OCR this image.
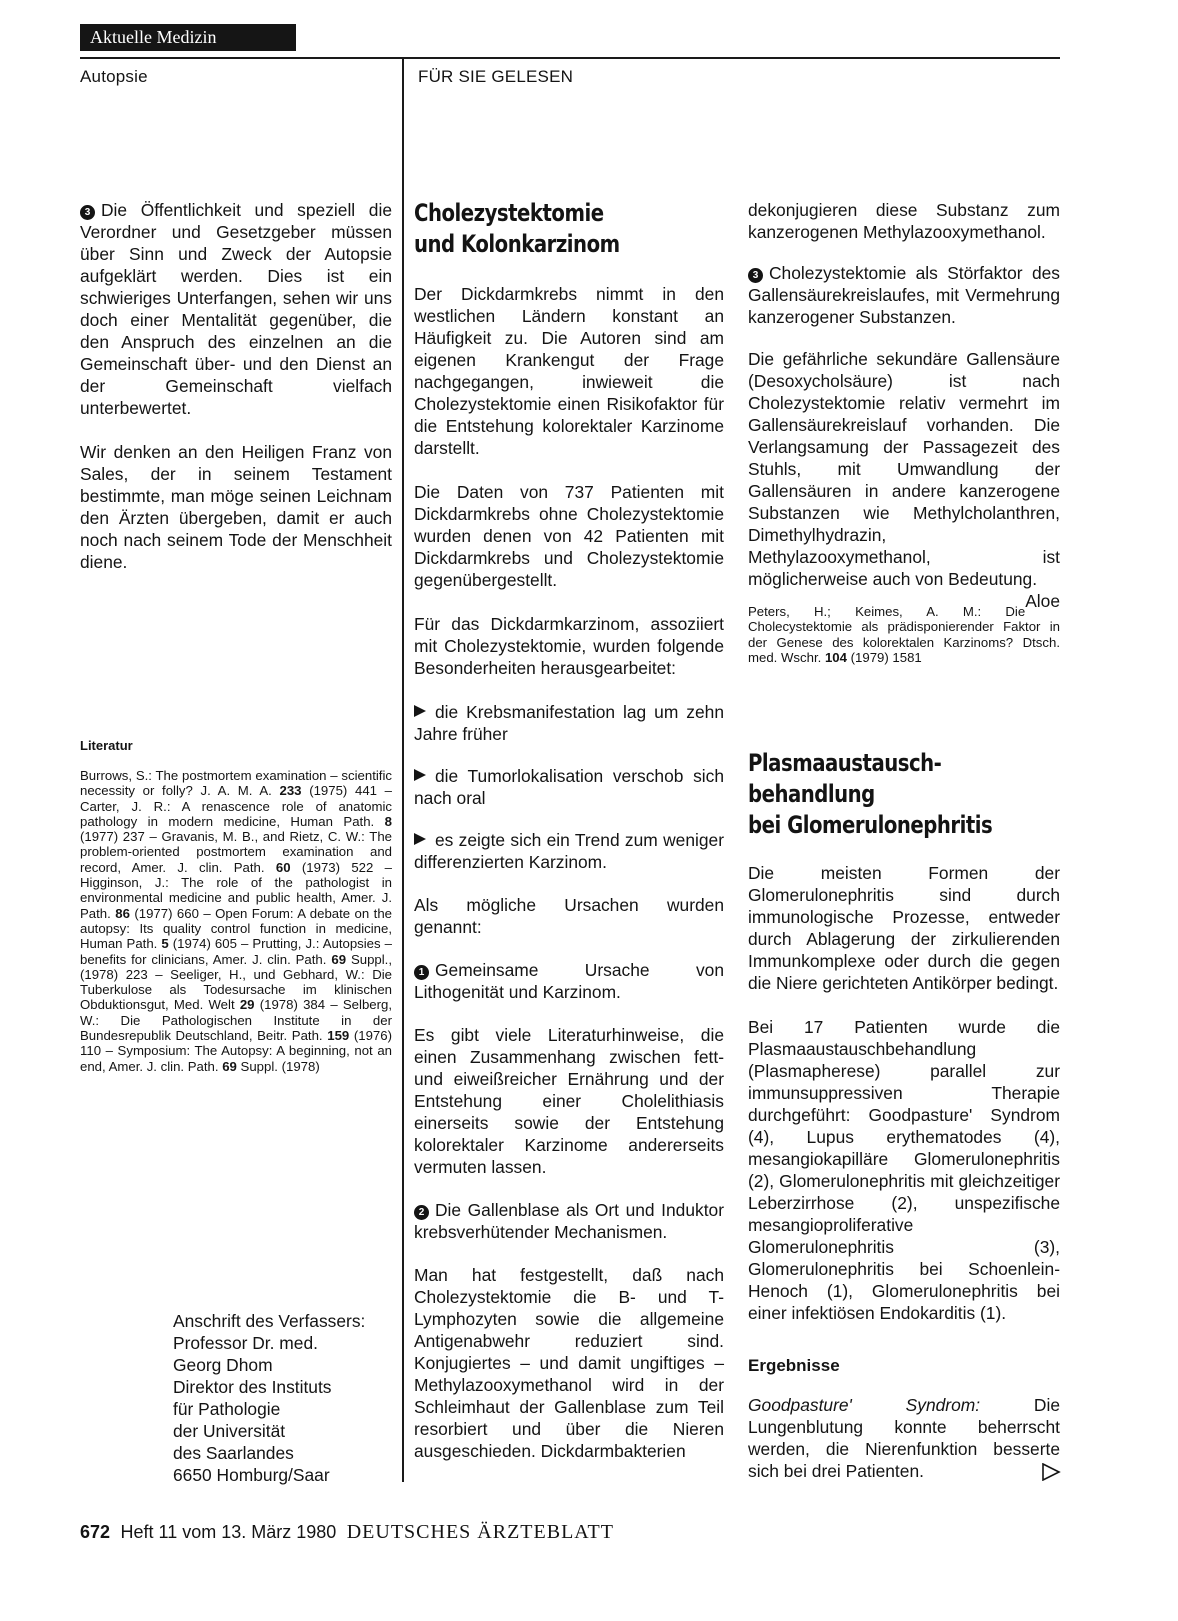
Aktuelle Medizin
Autopsie	FÜR SIE GELESEN

3 Die Öffentlichkeit und speziell die Verordner und Gesetzgeber müssen über Sinn und Zweck der Autopsie aufgeklärt werden. Dies ist ein schwieriges Unterfangen, sehen wir uns doch einer Mentalität gegenüber, die den Anspruch des einzelnen an die Gemeinschaft über- und den Dienst an der Gemeinschaft vielfach unterbewertet.

Wir denken an den Heiligen Franz von Sales, der in seinem Testament bestimmte, man möge seinen Leichnam den Ärzten übergeben, damit er auch noch nach seinem Tode der Menschheit diene.

Literatur

Burrows, S.: The postmortem examination – scientific necessity or folly? J. A. M. A. 233 (1975) 441 – Carter, J. R.: A renascence role of anatomic pathology in modern medicine, Human Path. 8 (1977) 237 – Gravanis, M. B., and Rietz, C. W.: The problem-oriented postmortem examination and record, Amer. J. clin. Path. 60 (1973) 522 – Higginson, J.: The role of the pathologist in environmental medicine and public health, Amer. J. Path. 86 (1977) 660 – Open Forum: A debate on the autopsy: Its quality control function in medicine, Human Path. 5 (1974) 605 – Prutting, J.: Autopsies – benefits for clinicians, Amer. J. clin. Path. 69 Suppl., (1978) 223 – Seeliger, H., und Gebhard, W.: Die Tuberkulose als Todesursache im klinischen Obduktionsgut, Med. Welt 29 (1978) 384 – Selberg, W.: Die Pathologischen Institute in der Bundesrepublik Deutschland, Beitr. Path. 159 (1976) 110 – Symposium: The Autopsy: A beginning, not an end, Amer. J. clin. Path. 69 Suppl. (1978)

Anschrift des Verfassers:

Professor Dr. med.

Georg Dhom

Direktor des Instituts

für Pathologie

der Universität

des Saarlandes

6650 Homburg/Saar

Cholezystektomie

und Kolonkarzinom

Der Dickdarmkrebs nimmt in den westlichen Ländern konstant an Häufigkeit zu. Die Autoren sind am eigenen Krankengut der Frage nachgegangen, inwieweit die Cholezystektomie einen Risikofaktor für die Entstehung kolorektaler Karzinome darstellt.

Die Daten von 737 Patienten mit Dickdarmkrebs ohne Cholezystektomie wurden denen von 42 Patienten mit Dickdarmkrebs und Cholezystektomie gegenübergestellt.

Für das Dickdarmkarzinom, assoziiert mit Cholezystektomie, wurden folgende Besonderheiten herausgearbeitet:

die Krebsmanifestation lag um zehn Jahre früher

die Tumorlokalisation verschob sich nach oral

es zeigte sich ein Trend zum weniger differenzierten Karzinom.

Als mögliche Ursachen wurden genannt:

1 Gemeinsame Ursache von Lithogenität und Karzinom.

Es gibt viele Literaturhinweise, die einen Zusammenhang zwischen fett- und eiweißreicher Ernährung und der Entstehung einer Cholelithiasis einerseits sowie der Entstehung kolorektaler Karzinome andererseits vermuten lassen.

2 Die Gallenblase als Ort und Induktor krebsverhütender Mechanismen.

Man hat festgestellt, daß nach Cholezystektomie die B- und T-Lymphozyten sowie die allgemeine Antigenabwehr reduziert sind. Konjugiertes – und damit ungiftiges – Methylazooxymethanol wird in der Schleimhaut der Gallenblase zum Teil resorbiert und über die Nieren ausgeschieden. Dickdarmbakterien

dekonjugieren diese Substanz zum kanzerogenen Methylazooxymethanol.

3 Cholezystektomie als Störfaktor des Gallensäurekreislaufes, mit Vermehrung kanzerogener Substanzen.

Die gefährliche sekundäre Gallensäure (Desoxycholsäure) ist nach Cholezystektomie relativ vermehrt im Gallensäurekreislauf vorhanden. Die Verlangsamung der Passagezeit des Stuhls, mit Umwandlung der Gallensäuren in andere kanzerogene Substanzen wie Methylcholanthren, Dimethylhydrazin, Methylazooxymethanol, ist möglicherweise auch von Bedeutung.
Aloe

Peters, H.; Keimes, A. M.: Die Cholecystektomie als prädisponierender Faktor in der Genese des kolorektalen Karzinoms? Dtsch. med. Wschr. 104 (1979) 1581

Plasmaaustausch-

behandlung

bei Glomerulonephritis

Die meisten Formen der Glomerulonephritis sind durch immunologische Prozesse, entweder durch Ablagerung der zirkulierenden Immunkomplexe oder durch die gegen die Niere gerichteten Antikörper bedingt.

Bei 17 Patienten wurde die Plasmaaustauschbehandlung (Plasmapherese) parallel zur immunsuppressiven Therapie durchgeführt: Goodpasture' Syndrom (4), Lupus erythematodes (4), mesangiokapilläre Glomerulonephritis (2), Glomerulonephritis mit gleichzeitiger Leberzirrhose (2), unspezifische mesangioproliferative Glomerulonephritis (3), Glomerulonephritis bei Schoenlein-Henoch (1), Glomerulonephritis bei einer infektiösen Endokarditis (1).

Ergebnisse

Goodpasture' Syndrom: Die Lungenblutung konnte beherrscht werden, die Nierenfunktion besserte sich bei drei Patienten.

672 Heft 11 vom 13. März 1980 DEUTSCHES ÄRZTEBLATT
